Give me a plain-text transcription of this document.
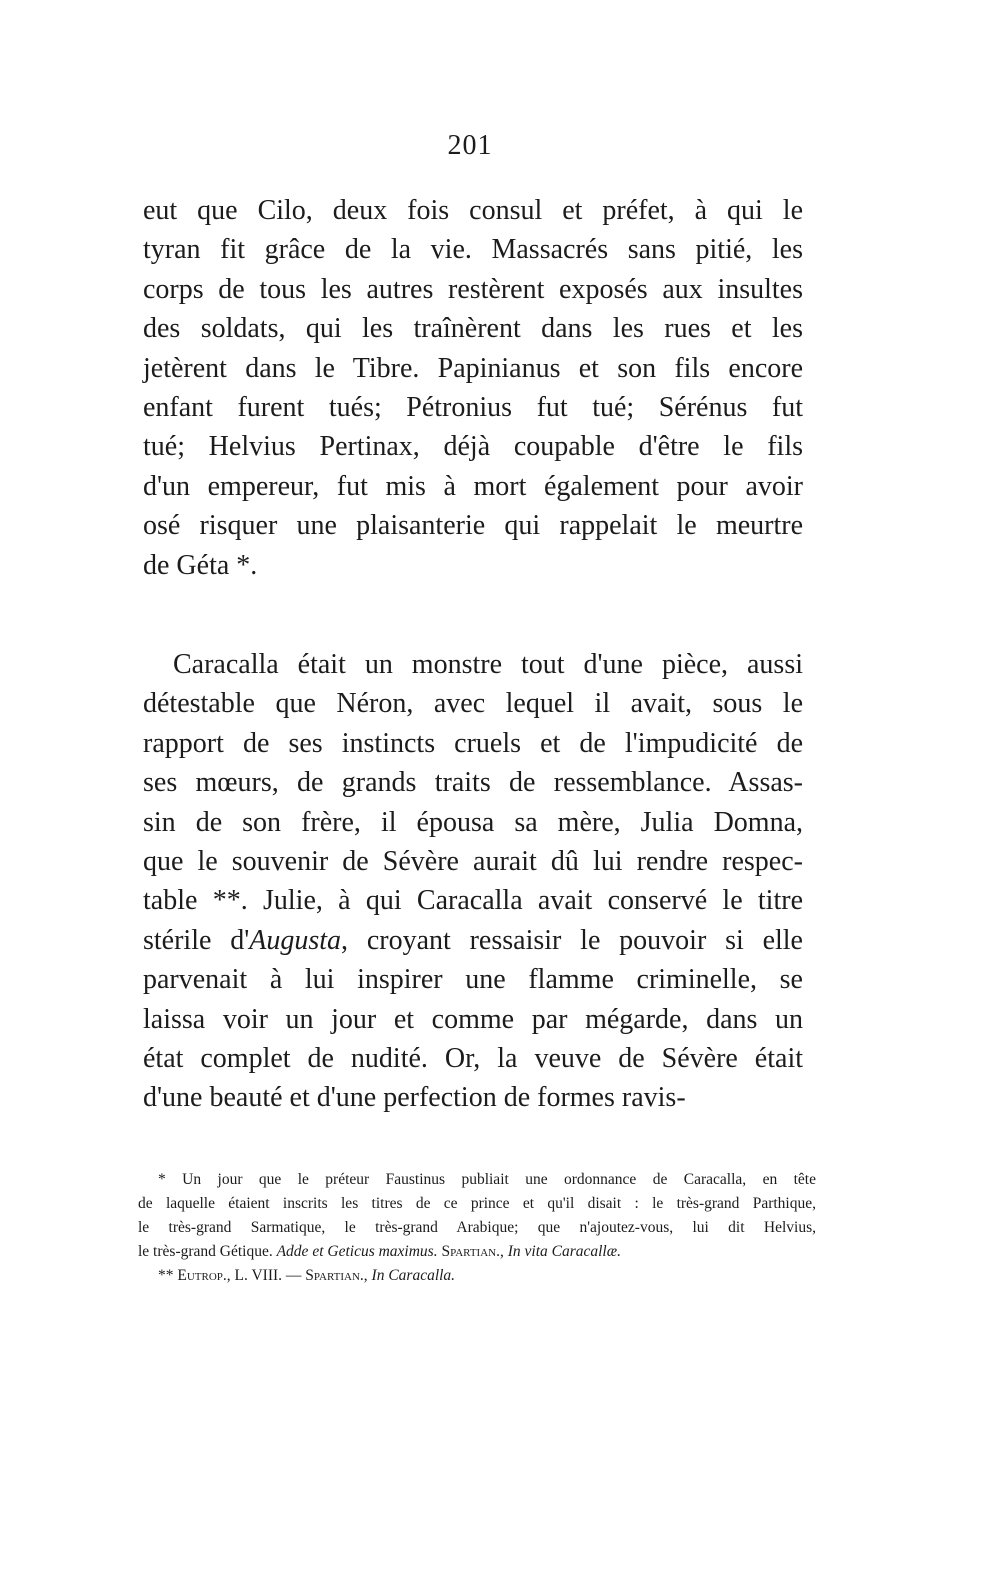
201
eut que Cilo, deux fois consul et préfet, à qui le
tyran fit grâce de la vie. Massacrés sans pitié, les
corps de tous les autres restèrent exposés aux insultes
des soldats, qui les traînèrent dans les rues et les
jetèrent dans le Tibre. Papinianus et son fils encore
enfant furent tués; Pétronius fut tué; Sérénus fut
tué; Helvius Pertinax, déjà coupable d'être le fils
d'un empereur, fut mis à mort également pour avoir
osé risquer une plaisanterie qui rappelait le meurtre
de Géta *.
Caracalla était un monstre tout d'une pièce, aussi
détestable que Néron, avec lequel il avait, sous le
rapport de ses instincts cruels et de l'impudicité de
ses mœurs, de grands traits de ressemblance. Assas-
sin de son frère, il épousa sa mère, Julia Domna,
que le souvenir de Sévère aurait dû lui rendre respec-
table **. Julie, à qui Caracalla avait conservé le titre
stérile d'Augusta, croyant ressaisir le pouvoir si elle
parvenait à lui inspirer une flamme criminelle, se
laissa voir un jour et comme par mégarde, dans un
état complet de nudité. Or, la veuve de Sévère était
d'une beauté et d'une perfection de formes ravis-
* Un jour que le préteur Faustinus publiait une ordonnance de Caracalla, en tête
de laquelle étaient inscrits les titres de ce prince et qu'il disait : le très-grand Parthique,
le très-grand Sarmatique, le très-grand Arabique; que n'ajoutez-vous, lui dit Helvius,
le très-grand Gétique. Adde et Geticus maximus. Spartian., In vita Caracallæ.
** Eutrop., L. VIII. — Spartian., In Caracalla.
